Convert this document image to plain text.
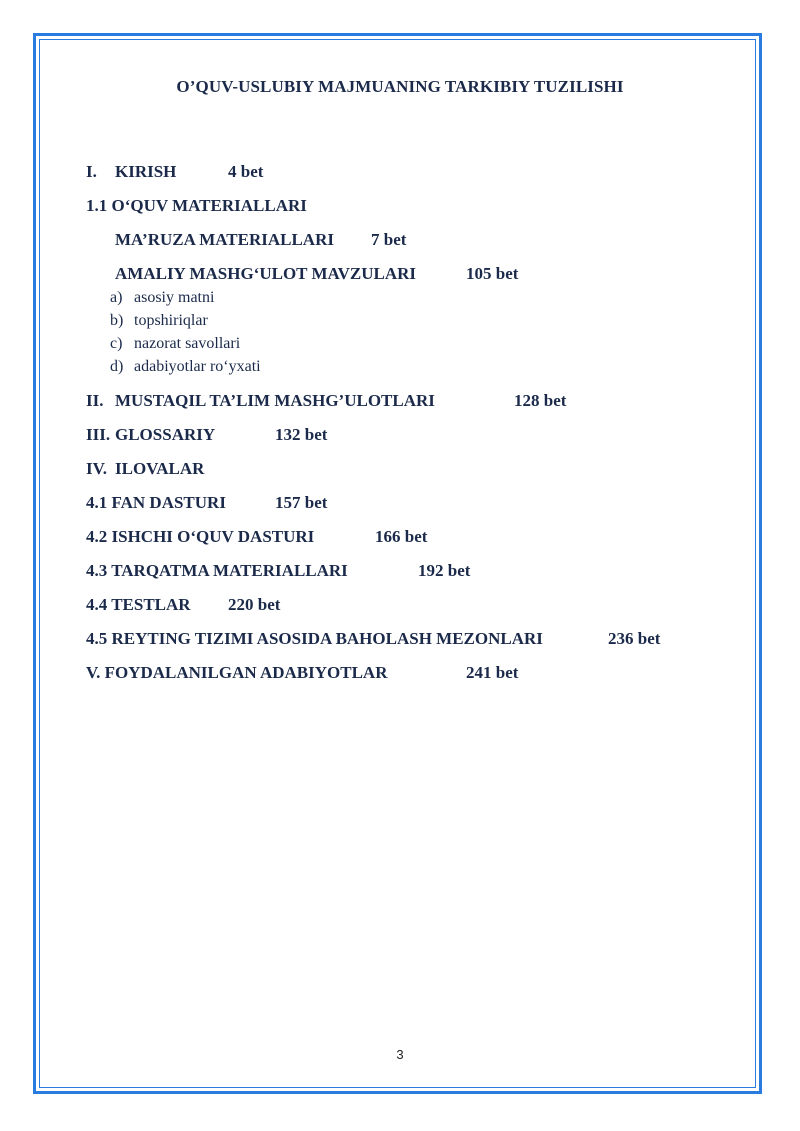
O’QUV-USLUBIY MAJMUANING TARKIBIY TUZILISHI
I. KIRISH	4 bet
1.1 O‘QUV MATERIALLARI
MA’RUZA MATERIALLARI 7 bet
AMALIY MASHG‘ULOT MAVZULARI	105 bet
a) asosiy matni
b) topshiriqlar
c) nazorat savollari
d) adabiyotlar ro‘yxati
II. MUSTAQIL TA’LIM MASHG’ULOTLARI	128 bet
III. GLOSSARIY	132 bet
IV. ILOVALAR
4.1 FAN DASTURI	157 bet
4.2 ISHCHI O‘QUV DASTURI	166 bet
4.3 TARQATMA MATERIALLARI	192 bet
4.4 TESTLAR 220 bet
4.5 REYTING TIZIMI ASOSIDA BAHOLASH MEZONLARI	236 bet
V. FOYDALANILGAN ADABIYOTLAR	241 bet
3
